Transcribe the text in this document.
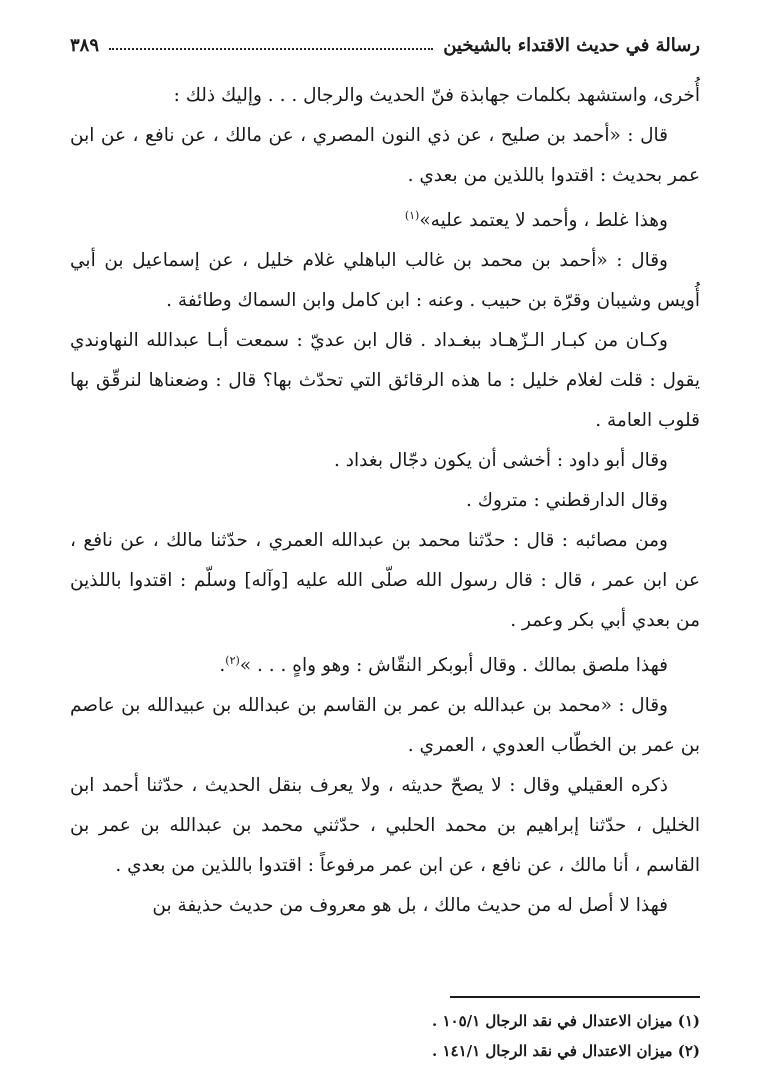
رسالة في حديث الاقتداء بالشيخين
٣٨٩

أُخرى، واستشهد بكلمات جهابذة فنّ الحديث والرجال . . . وإليك ذلك :

قال : «أحمد بن صليح ، عن ذي النون المصري ، عن مالك ، عن نافع ، عن ابن عمر بحديث : اقتدوا باللذين من بعدي .

وهذا غلط ، وأحمد لا يعتمد عليه»$^{(١)}$

وقال : «أحمد بن محمد بن غالب الباهلي غلام خليل ، عن إسماعيل بن أبي أُويس وشيبان وقرّة بن حبيب . وعنه : ابن كامل وابن السماك وطائفة .

وكـان من كبـار الـزّهـاد ببغـداد . قال ابن عديّ : سمعت أبـا عبدالله النهاوندي يقول : قلت لغلام خليل : ما هذه الرقائق التي تحدّث بها؟ قال : وضعناها لنرقّق بها قلوب العامة .

وقال أبو داود : أخشى أن يكون دجّال بغداد .

وقال الدارقطني : متروك .

ومن مصائبه : قال : حدّثنا محمد بن عبدالله العمري ، حدّثنا مالك ، عن نافع ، عن ابن عمر ، قال : قال رسول الله صلّى الله عليه [وآله] وسلّم : اقتدوا باللذين من بعدي أبي بكر وعمر .

فهذا ملصق بمالك . وقال أبوبكر النقّاش : وهو واهٍ . . . »$^{(٢)}$.

وقال : «محمد بن عبدالله بن عمر بن القاسم بن عبدالله بن عبيدالله بن عاصم بن عمر بن الخطّاب العدوي ، العمري .

ذكره العقيلي وقال : لا يصحّ حديثه ، ولا يعرف بنقل الحديث ، حدّثنا أحمد ابن الخليل ، حدّثنا إبراهيم بن محمد الحلبي ، حدّثني محمد بن عبدالله بن عمر بن القاسم ، أنا مالك ، عن نافع ، عن ابن عمر مرفوعاً : اقتدوا باللذين من بعدي .

فهذا لا أصل له من حديث مالك ، بل هو معروف من حديث حذيفة بن

(١) ميزان الاعتدال في نقد الرجال ١٠٥/١ .

(٢) ميزان الاعتدال في نقد الرجال ١٤١/١ .
